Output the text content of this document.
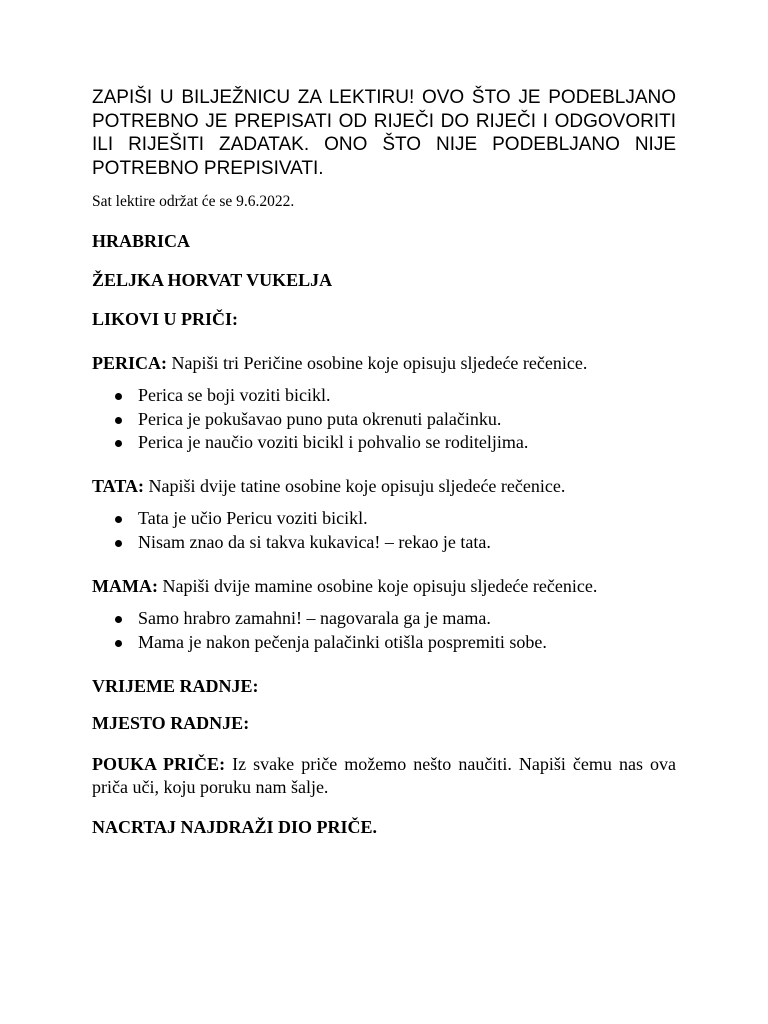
ZAPIŠI U BILJEŽNICU ZA LEKTIRU! OVO ŠTO JE PODEBLJANO POTREBNO JE PREPISATI OD RIJEČI DO RIJEČI I ODGOVORITI ILI RIJEŠITI ZADATAK. ONO ŠTO NIJE PODEBLJANO NIJE POTREBNO PREPISIVATI.

Sat lektire održat će se 9.6.2022.

HRABRICA

ŽELJKA HORVAT VUKELJA

LIKOVI U PRIČI:

PERICA: Napiši tri Peričine osobine koje opisuju sljedeće rečenice.

Perica se boji voziti bicikl.
Perica je pokušavao puno puta okrenuti palačinku.
Perica je naučio voziti bicikl i pohvalio se roditeljima.

TATA: Napiši dvije tatine osobine koje opisuju sljedeće rečenice.

Tata je učio Pericu voziti bicikl.
Nisam znao da si takva kukavica! – rekao je tata.

MAMA: Napiši dvije mamine osobine koje opisuju sljedeće rečenice.

Samo hrabro zamahni! – nagovarala ga je mama.
Mama je nakon pečenja palačinki otišla pospremiti sobe.

VRIJEME RADNJE:

MJESTO RADNJE:

POUKA PRIČE: Iz svake priče možemo nešto naučiti. Napiši čemu nas ova priča uči, koju poruku nam šalje.

NACRTAJ NAJDRAŽI DIO PRIČE.
